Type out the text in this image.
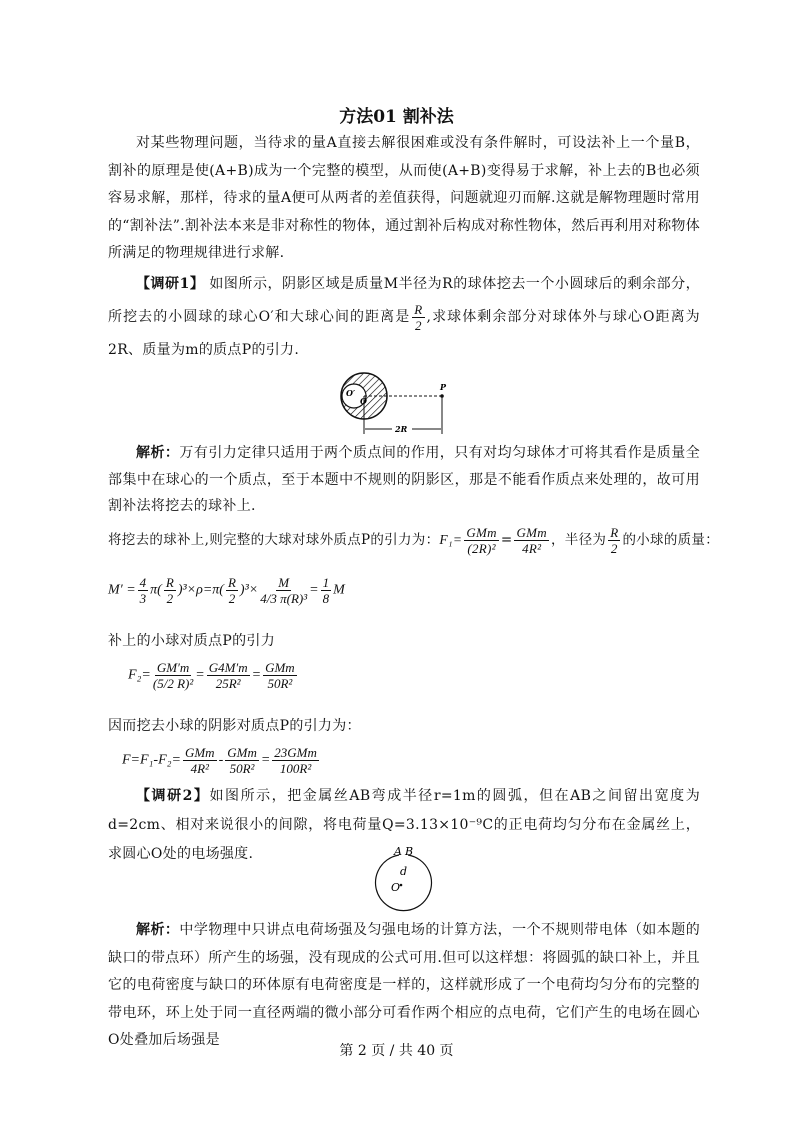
方法01 割补法
对某些物理问题，当待求的量A直接去解很困难或没有条件解时，可设法补上一个量B，割补的原理是使(A+B)成为一个完整的模型，从而使(A+B)变得易于求解，补上去的B也必须容易求解，那样，待求的量A便可从两者的差值获得，问题就迎刃而解.这就是解物理题时常用的“割补法”.割补法本来是非对称性的物体，通过割补后构成对称性物体，然后再利用对称物体所满足的物理规律进行求解.
【调研1】 如图所示，阴影区域是质量M半径为R的球体挖去一个小圆球后的剩余部分，所挖去的小圆球的球心O′和大球心间的距离是 $\frac{R}{2}$ ,求球体剩余部分对球体外与球心O距离为2R、质量为m的质点P的引力.
O′
O
P
2R
解析：万有引力定律只适用于两个质点间的作用，只有对均匀球体才可将其看作是质量全部集中在球心的一个质点，至于本题中不规则的阴影区，那是不能看作质点来处理的，故可用割补法将挖去的球补上.
将挖去的球补上,则完整的大球对球外质点P的引力为：$F_1= \frac{\text{GMm}}{\text{(2R)²}} = \frac{\text{GMm}}{\text{4R²}}$ ，半径为 $\frac{R}{2}$ 的小球的质量：
$M' = \frac{4}{3} \pi( \frac{R}{2} )^3\times\rho=\pi( \frac{R}{2} )^3\times \frac{M}{\text{4/3 π(R)³}} = \frac{1}{8}$ M
补上的小球对质点P的引力
$F_2= \frac{GM'm}{\text{(5/2 R)²}} = \frac{G4M'm}{\text{25R²}} = \frac{\text{GMm}}{\text{50R²}}$
因而挖去小球的阴影对质点P的引力为：
$F=F_1-F_2= \frac{\text{GMm}}{\text{4R²}} - \frac{\text{GMm}}{\text{50R²}} = \frac{\text{23GMm}}{\text{100R²}}$
【调研2】如图所示，把金属丝AB弯成半径r=1m的圆弧，但在AB之间留出宽度为d=2cm、相对来说很小的间隙，将电荷量Q=3.13×10⁻⁹C的正电荷均匀分布在金属丝上，求圆心O处的电场强度.	A B
d
O
解析：中学物理中只讲点电荷场强及匀强电场的计算方法，一个不规则带电体（如本题的缺口的带点环）所产生的场强，没有现成的公式可用.但可以这样想：将圆弧的缺口补上，并且它的电荷密度与缺口的环体原有电荷密度是一样的，这样就形成了一个电荷均匀分布的完整的带电环，环上处于同一直径两端的微小部分可看作两个相应的点电荷，它们产生的电场在圆心O处叠加后场强是
第 2 页 / 共 40 页
